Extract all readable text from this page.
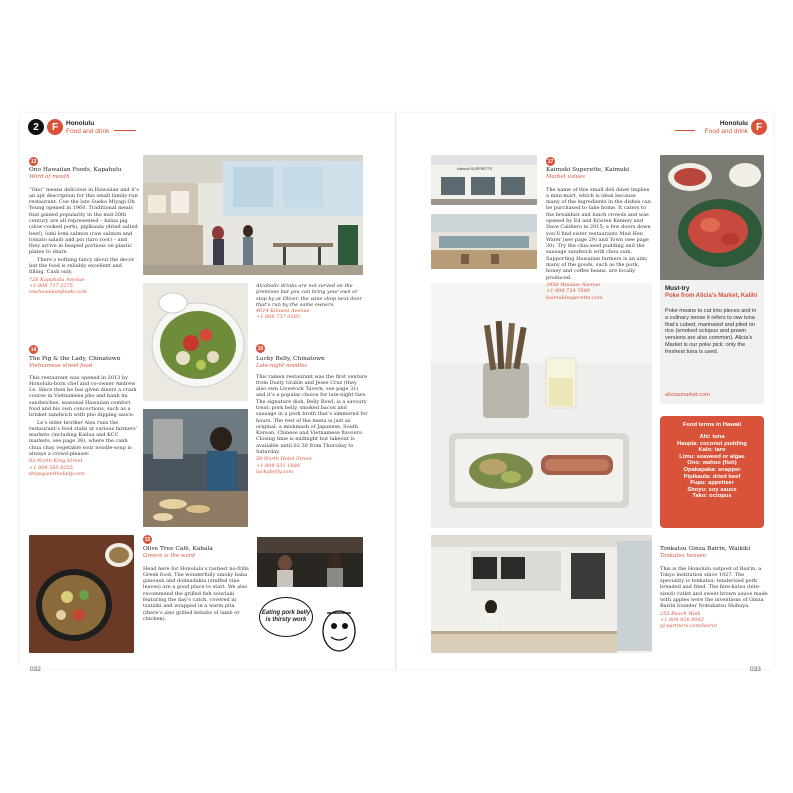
2 F Honolulu
Food and drink
Honolulu
Food and drink F
13
Ono Hawaiian Foods, Kapahulu
Word of mouth

“Ono” means delicious in Hawaiian and it’s an apt description for this small family-run restaurant. Cue the late Sueko Miyagi Oh Young opened in 1960. Traditional meals that gained popularity in the mid-20th century are all represented – kalua pig (slow-cooked pork), pipikaula (dried salted beef), lomi lomi salmon (raw salmon and tomato salad) and poi (taro root) – and they arrive in heaped portions on plastic plates to share.

There’s nothing fancy about the decor but the food is reliably excellent and filling. Cash only.

726 Kapahulu Avenue
+1 808 737 2275
onohawaiianfoods.com
Alcoholic drinks are not served on the premises but you can bring your own or stop by at Oliver, the wine shop next door that’s run by the same owners.
4614 Kilauea Avenue
+1 808 737 0303
16
Lucky Belly, Chinatown
Late-night noodles

This ramen restaurant was the first venture from Dusty Grable and Jesse Cruz (they also own Livestock Tavern, see page 31) and it’s a popular choice for late-night fare. The signature dish, Belly Bowl, is a savoury treat: pork belly, smoked bacon and sausage in a pork broth that’s simmered for hours. The rest of the menu is just as original: a mishmash of Japanese, South Korean, Chinese and Vietnamese flavours. Closing time is midnight but takeout is available until 02.30 from Thursday to Saturday.

50 North Hotel Street
+1 808 531 1888
luckybelly.com
14
The Pig & the Lady, Chinatown
Vietnamese street food

This restaurant was opened in 2013 by Honolulu-born chef and co-owner Andrew Le. Since then he has given diners a crash course in Vietnamese pho and banh mi sandwiches, seasonal Hawaiian comfort food and his own concoctions, such as a brisket sandwich with pho dipping sauce.

Le’s elder brother Alex runs the restaurant’s food stalls at various farmers’ markets (including Kailua and KCC markets, see page 38), where the canh chua chay vegetable sour noodle-soup is always a crowd-pleaser.

83 North King Street
+1 808 585 8255
thepigandthelady.com
15
Olive Tree Café, Kahala
Greece is the word

Head here for Honolulu’s tastiest no-frills Greek food. The wonderfully smoky baba ganoush and dolmadakia (stuffed vine leaves) are a good place to start. We also recommend the grilled fish souvlaki featuring the day’s catch, covered in tzatziki and wrapped in a warm pita (there’s also grilled kebabs of lamb or chicken).

Eating pork belly is thirsty work
032
Kaimuki SUPERETTE
17
Kaimuki Superette, Kaimuki
Market values

The name of this small deli diner implies a mini-mart, which is ideal because many of the ingredients in the dishes can be purchased to take home. It caters to the breakfast and lunch crowds and was opened by Ed and Kristen Kenney and Dave Caldiero in 2015; a few doors down you’ll find sister restaurants Mud Hen Water (see page 29) and Town (see page 30). Try the chia-seed pudding and the sausage sandwich with chou sum. Supporting Hawaiian farmers is an aim; many of the goods, such as the pork, honey and coffee beans, are locally produced.

3458 Waialae Avenue
+1 808 734 7800
kaimukisuperette.com
Must-try
Poke from Alicia’s Market, Kalihi
Poke means to cut into pieces and in a culinary sense it refers to raw tuna that’s cubed, marinated and piled on rice (smoked octopus and prawn versions are also common). Alicia’s Market is our poke pick: only the freshest tuna is used.
aliciasmarket.com
Food terms in Hawaii
Ahi: tuna
Haupia: coconut pudding
Kalo: taro
Limu: seaweed or algae
Ono: wahoo (fish)
Opakapaka: snapper
Pipikaula: dried beef
Pupu: appetiser
Shoyu: soy sauce
Tako: octopus
Tonkatsu Ginza Bairin, Waikiki
Tonkatsu heaven

This is the Honolulu outpost of Bairin, a Tokyo institution since 1927. The speciality is tonkatsu: tenderised pork breaded and fried. The hire-katsu (bite-sized) cutlet and sweet brown sauce made with apples were the inventions of Ginza Bairin founder Nobukatsu Shibuya.

255 Beach Walk
+1 808 926 8082
pj-partners.com/bairin
033
